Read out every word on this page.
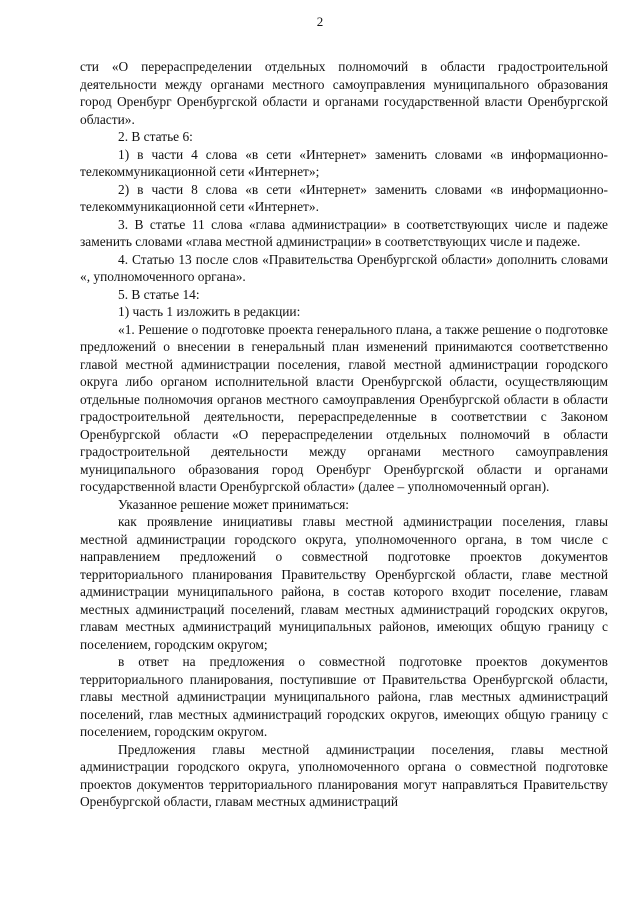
2

сти «О перераспределении отдельных полномочий в области градостроительной деятельности между органами местного самоуправления муниципального образования город Оренбург Оренбургской области и органами государственной власти Оренбургской области».

2. В статье 6:

1) в части 4 слова «в сети «Интернет» заменить словами «в информационно-телекоммуникационной сети «Интернет»;

2) в части 8 слова «в сети «Интернет» заменить словами «в информационно-телекоммуникационной сети «Интернет».

3. В статье 11 слова «глава администрации» в соответствующих числе и падеже заменить словами «глава местной администрации» в соответствующих числе и падеже.

4. Статью 13 после слов «Правительства Оренбургской области» дополнить словами «, уполномоченного органа».

5. В статье 14:

1) часть 1 изложить в редакции:

«1. Решение о подготовке проекта генерального плана, а также решение о подготовке предложений о внесении в генеральный план изменений принимаются соответственно главой местной администрации поселения, главой местной администрации городского округа либо органом исполнительной власти Оренбургской области, осуществляющим отдельные полномочия органов местного самоуправления Оренбургской области в области градостроительной деятельности, перераспределенные в соответствии с Законом Оренбургской области «О перераспределении отдельных полномочий в области градостроительной деятельности между органами местного самоуправления муниципального образования город Оренбург Оренбургской области и органами государственной власти Оренбургской области» (далее – уполномоченный орган).

Указанное решение может приниматься:

как проявление инициативы главы местной администрации поселения, главы местной администрации городского округа, уполномоченного органа, в том числе с направлением предложений о совместной подготовке проектов документов территориального планирования Правительству Оренбургской области, главе местной администрации муниципального района, в состав которого входит поселение, главам местных администраций поселений, главам местных администраций городских округов, главам местных администраций муниципальных районов, имеющих общую границу с поселением, городским округом;

в ответ на предложения о совместной подготовке проектов документов территориального планирования, поступившие от Правительства Оренбургской области, главы местной администрации муниципального района, глав местных администраций поселений, глав местных администраций городских округов, имеющих общую границу с поселением, городским округом.

Предложения главы местной администрации поселения, главы местной администрации городского округа, уполномоченного органа о совместной подготовке проектов документов территориального планирования могут направляться Правительству Оренбургской области, главам местных администраций
